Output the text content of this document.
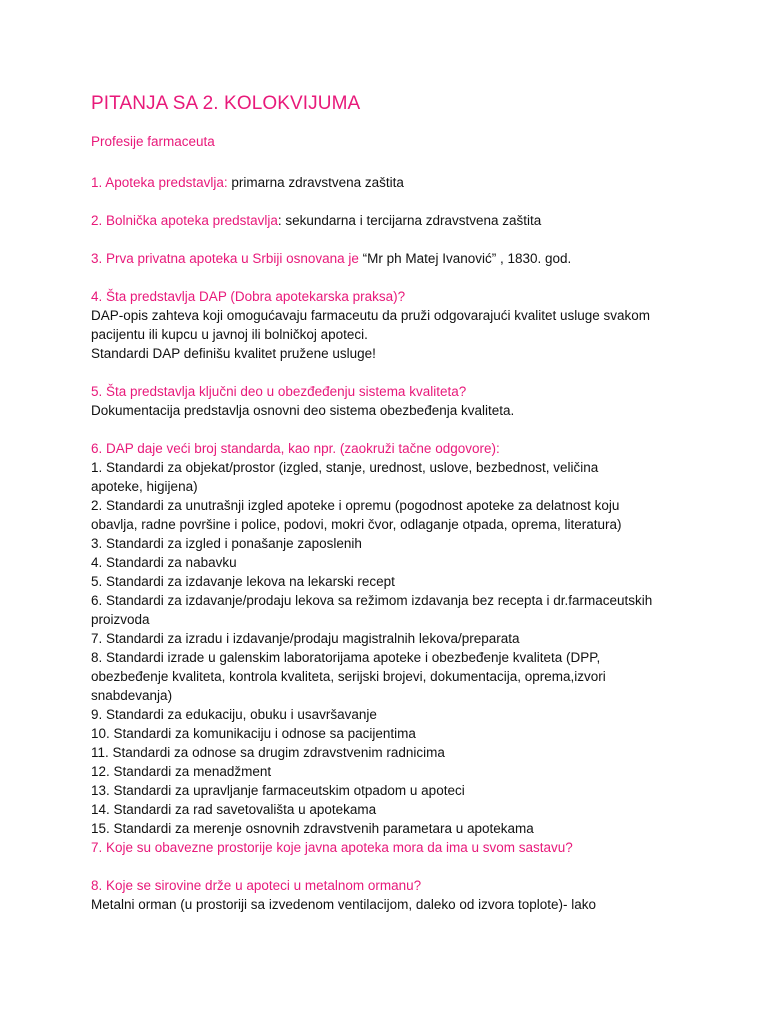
PITANJA SA 2. KOLOKVIJUMA

Profesije farmaceuta

1. Apoteka predstavlja: primarna zdravstvena zaštita

2. Bolnička apoteka predstavlja: sekundarna i tercijarna zdravstvena zaštita

3. Prva privatna apoteka u Srbiji osnovana je “Mr ph Matej Ivanović” , 1830. god.

4. Šta predstavlja DAP (Dobra apotekarska praksa)?

DAP-opis zahteva koji omogućavaju farmaceutu da pruži odgovarajući kvalitet usluge svakom

pacijentu ili kupcu u javnoj ili bolničkoj apoteci.

Standardi DAP definišu kvalitet pružene usluge!

5. Šta predstavlja ključni deo u obezđeđenju sistema kvaliteta?

Dokumentacija predstavlja osnovni deo sistema obezbeđenja kvaliteta.

6. DAP daje veći broj standarda, kao npr. (zaokruži tačne odgovore):

1. Standardi za objekat/prostor (izgled, stanje, urednost, uslove, bezbednost, veličina
apoteke, higijena)
2. Standardi za unutrašnji izgled apoteke i opremu (pogodnost apoteke za delatnost koju
obavlja, radne površine i police, podovi, mokri čvor, odlaganje otpada, oprema, literatura)
3. Standardi za izgled i ponašanje zaposlenih
4. Standardi za nabavku
5. Standardi za izdavanje lekova na lekarski recept
6. Standardi za izdavanje/prodaju lekova sa režimom izdavanja bez recepta i dr.farmaceutskih
proizvoda
7. Standardi za izradu i izdavanje/prodaju magistralnih lekova/preparata
8. Standardi izrade u galenskim laboratorijama apoteke i obezbeđenje kvaliteta (DPP,
obezbeđenje kvaliteta, kontrola kvaliteta, serijski brojevi, dokumentacija, oprema,izvori
snabdevanja)
9. Standardi za edukaciju, obuku i usavršavanje
10. Standardi za komunikaciju i odnose sa pacijentima
11. Standardi za odnose sa drugim zdravstvenim radnicima
12. Standardi za menadžment
13. Standardi za upravljanje farmaceutskim otpadom u apoteci
14. Standardi za rad savetovališta u apotekama
15. Standardi za merenje osnovnih zdravstvenih parametara u apotekama

7. Koje su obavezne prostorije koje javna apoteka mora da ima u svom sastavu?

8. Koje se sirovine drže u apoteci u metalnom ormanu?

Metalni orman (u prostoriji sa izvedenom ventilacijom, daleko od izvora toplote)- lako
